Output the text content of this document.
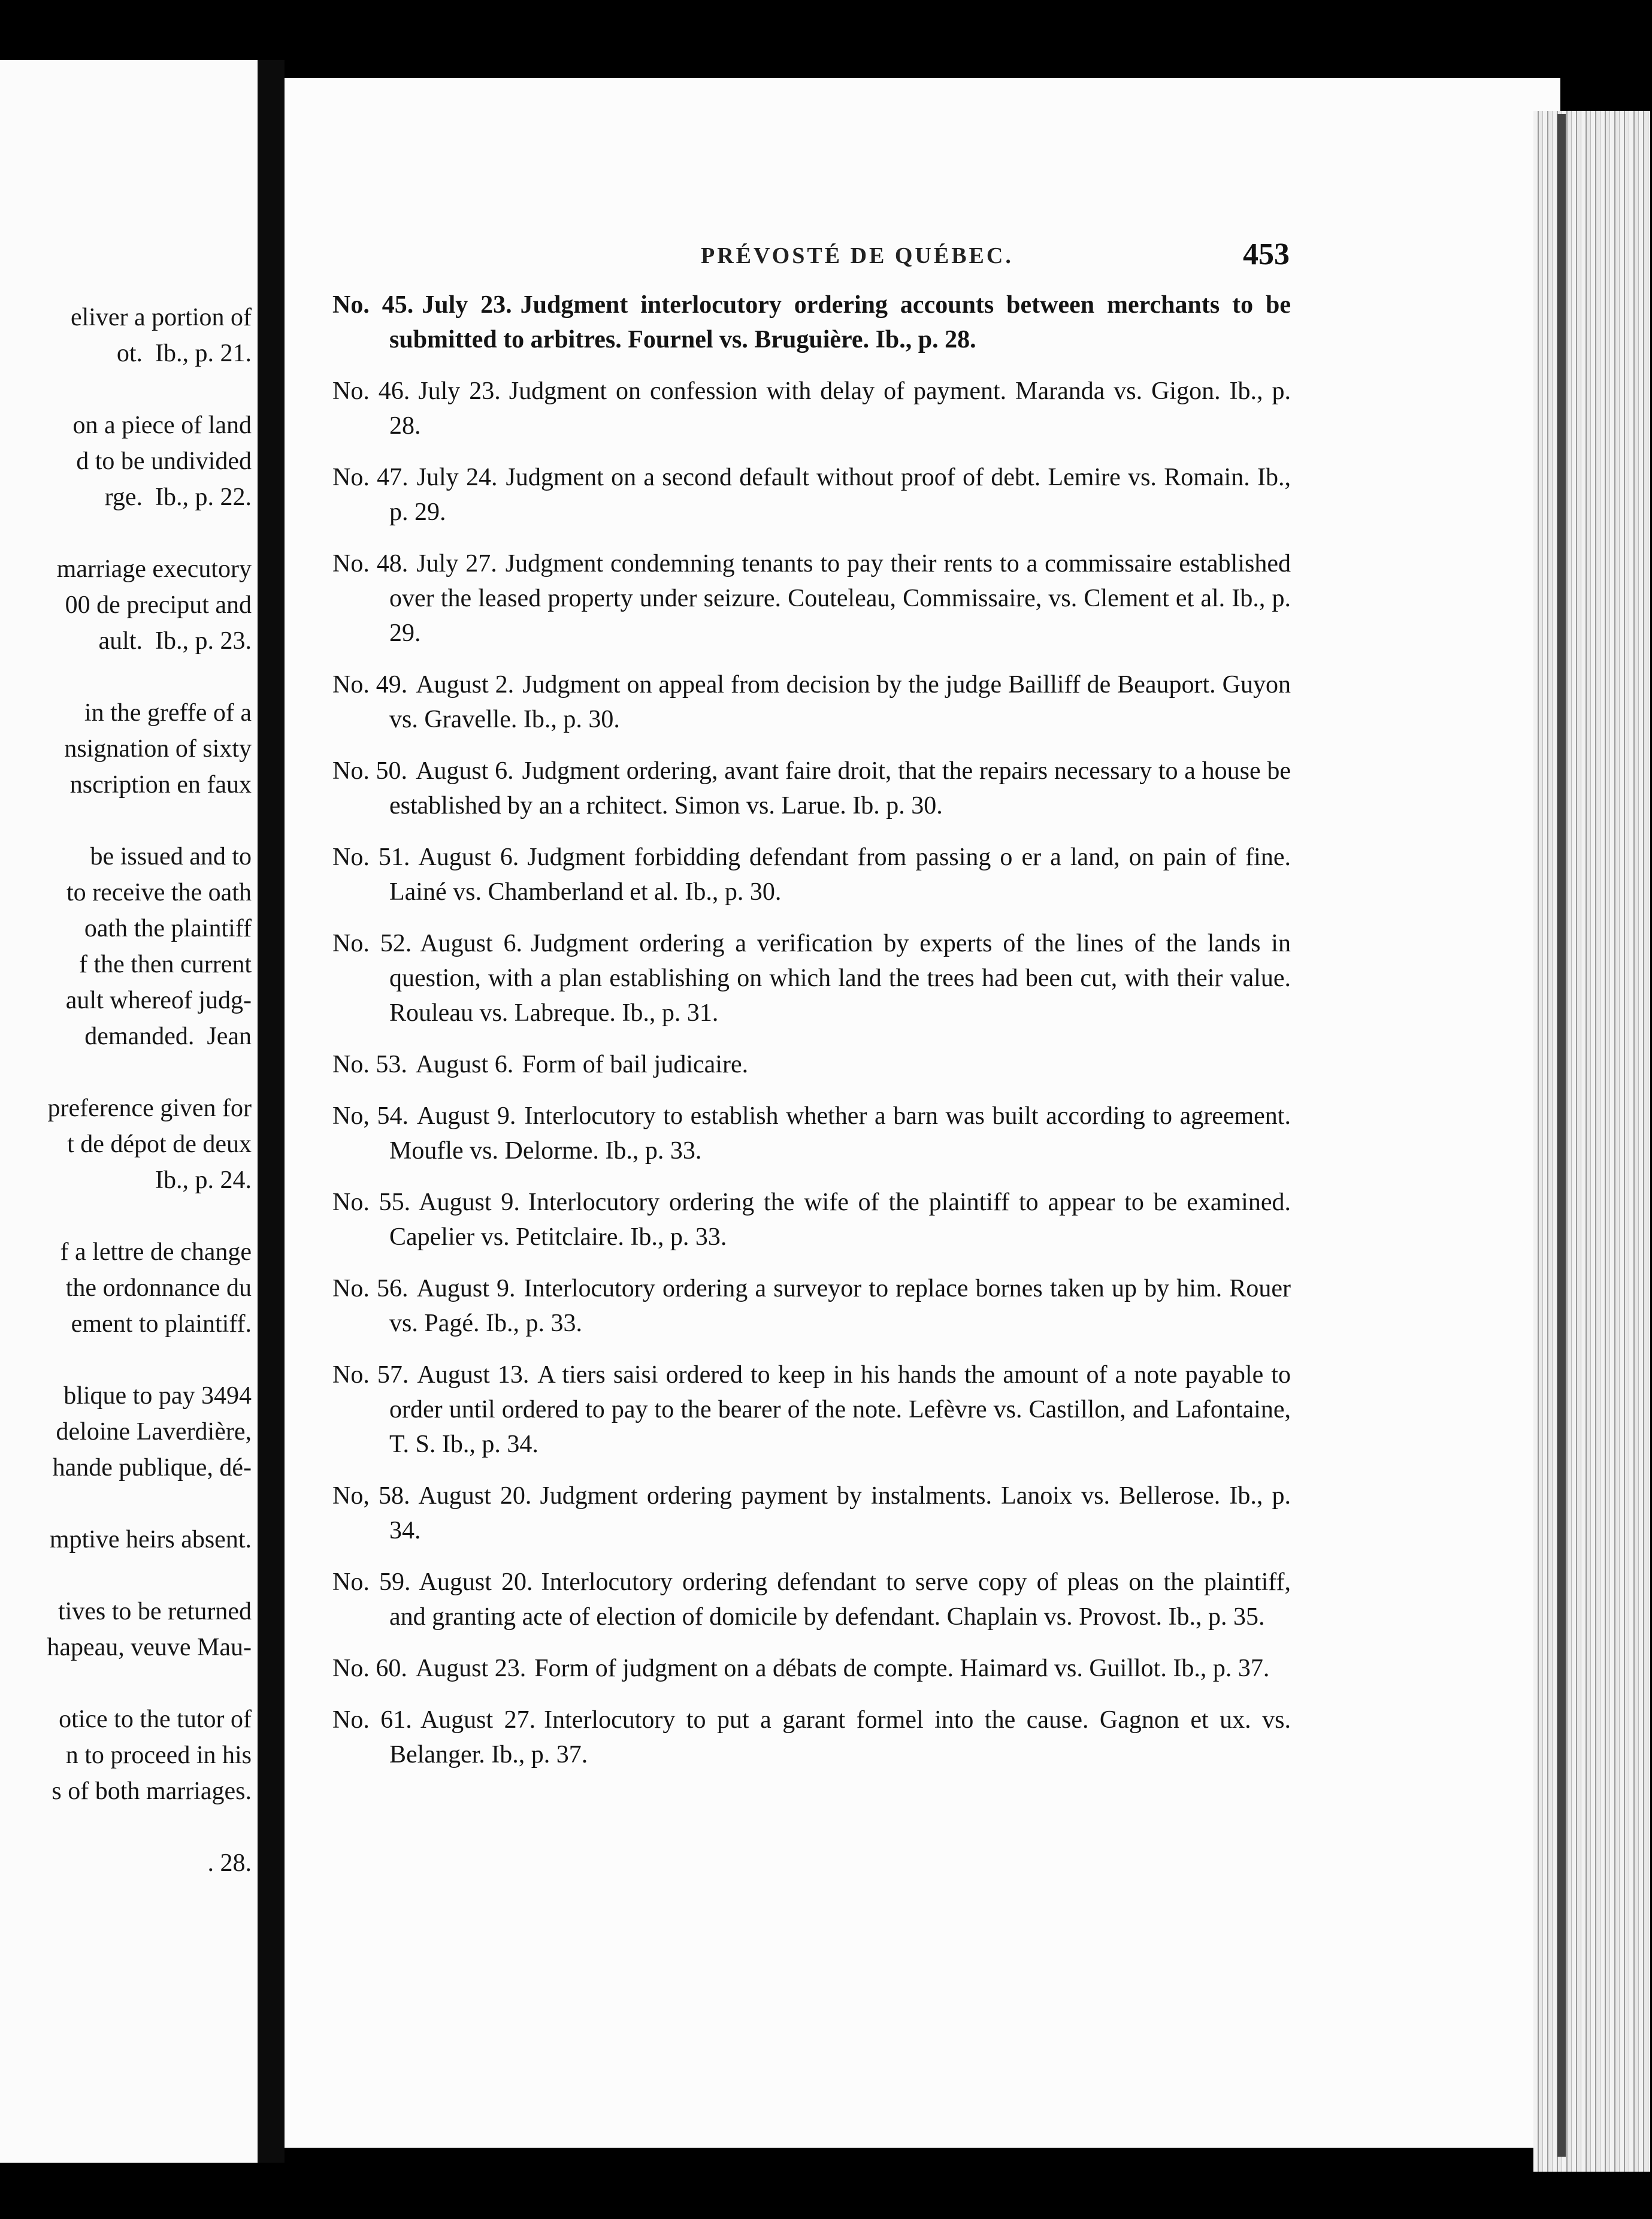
eliver a portion of
ot.  Ib., p. 21.
on a piece of land
d to be undivided
rge.  Ib., p. 22.
marriage executory
00 de preciput and
ault.  Ib., p. 23.
in the greffe of a
nsignation of sixty
nscription en faux
be issued and to
to receive the oath
oath the plaintiff
f the then current
ault whereof judg-
demanded.  Jean
preference given for
t de dépot de deux
Ib., p. 24.
f a lettre de change
the ordonnance du
ement to plaintiff.
blique to pay 3494
deloine Laverdière,
hande publique, dé-
mptive heirs absent.
tives to be returned
hapeau, veuve Mau-
otice to the tutor of
n to proceed in his
s of both marriages.
. 28.
PRÉVOSTÉ DE QUÉBEC.	453
No. 45. July 23. Judgment interlocutory ordering accounts between merchants to be submitted to arbitres. Fournel vs. Bruguière. Ib., p. 28.
No. 46. July 23. Judgment on confession with delay of payment. Maranda vs. Gigon. Ib., p. 28.
No. 47. July 24. Judgment on a second default without proof of debt. Lemire vs. Romain. Ib., p. 29.
No. 48. July 27. Judgment condemning tenants to pay their rents to a commissaire established over the leased property under seizure. Couteleau, Commissaire, vs. Clement et al. Ib., p. 29.
No. 49. August 2. Judgment on appeal from decision by the judge Bailliff de Beauport. Guyon vs. Gravelle. Ib., p. 30.
No. 50. August 6. Judgment ordering, avant faire droit, that the repairs necessary to a house be established by an a rchitect. Simon vs. Larue. Ib. p. 30.
No. 51. August 6. Judgment forbidding defendant from passing o er a land, on pain of fine. Lainé vs. Chamberland et al. Ib., p. 30.
No. 52. August 6. Judgment ordering a verification by experts of the lines of the lands in question, with a plan establishing on which land the trees had been cut, with their value. Rouleau vs. Labreque. Ib., p. 31.
No. 53. August 6. Form of bail judicaire.
No, 54. August 9. Interlocutory to establish whether a barn was built according to agreement. Moufle vs. Delorme. Ib., p. 33.
No. 55. August 9. Interlocutory ordering the wife of the plaintiff to appear to be examined. Capelier vs. Petitclaire. Ib., p. 33.
No. 56. August 9. Interlocutory ordering a surveyor to replace bornes taken up by him. Rouer vs. Pagé. Ib., p. 33.
No. 57. August 13. A tiers saisi ordered to keep in his hands the amount of a note payable to order until ordered to pay to the bearer of the note. Lefèvre vs. Castillon, and Lafontaine, T. S. Ib., p. 34.
No, 58. August 20. Judgment ordering payment by instalments. Lanoix vs. Bellerose. Ib., p. 34.
No. 59. August 20. Interlocutory ordering defendant to serve copy of pleas on the plaintiff, and granting acte of election of domicile by defendant. Chaplain vs. Provost. Ib., p. 35.
No. 60. August 23. Form of judgment on a débats de compte. Haimard vs. Guillot. Ib., p. 37.
No. 61. August 27. Interlocutory to put a garant formel into the cause. Gagnon et ux. vs. Belanger. Ib., p. 37.
